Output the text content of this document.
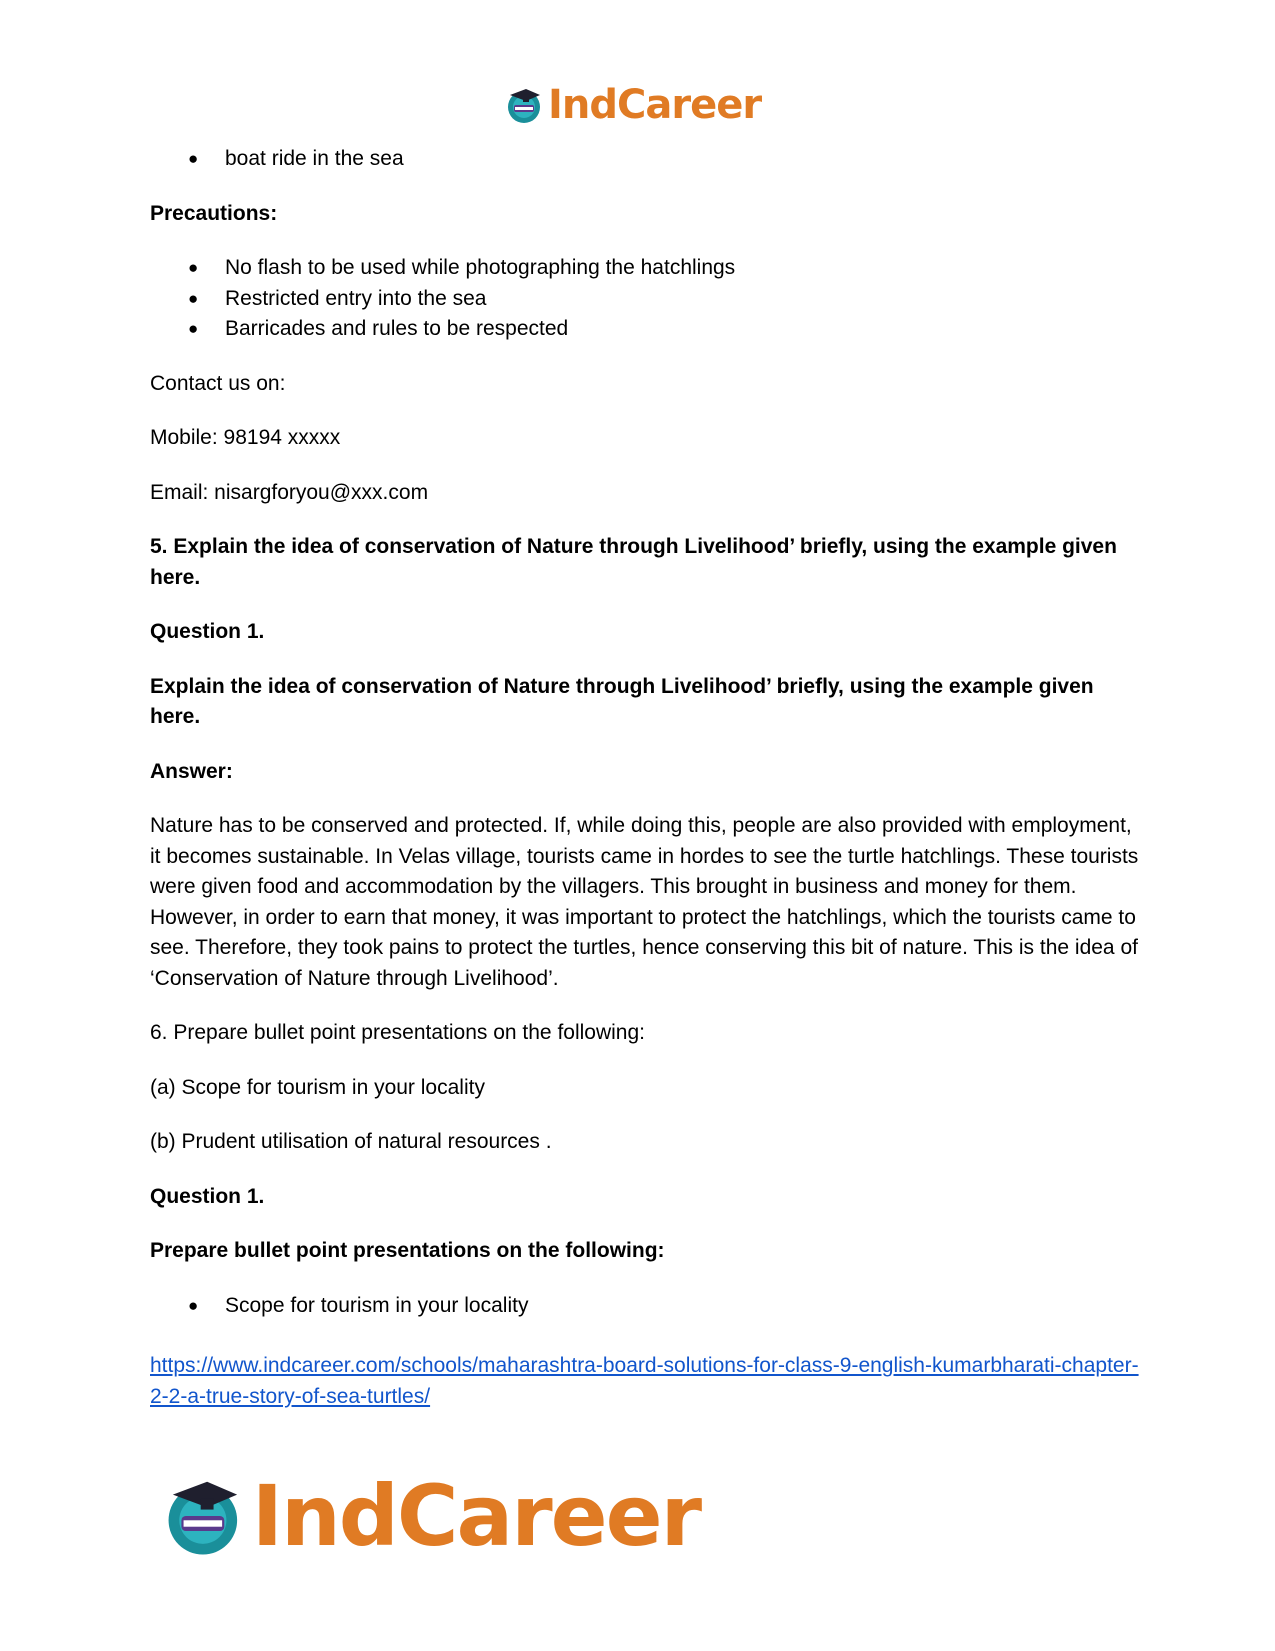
IndCareer
● boat ride in the sea

Precautions:

● No flash to be used while photographing the hatchlings
● Restricted entry into the sea
● Barricades and rules to be respected

Contact us on:

Mobile: 98194 xxxxx

Email: nisargforyou@xxx.com

5. Explain the idea of conservation of Nature through Livelihood’ briefly, using the example given here.

Question 1.

Explain the idea of conservation of Nature through Livelihood’ briefly, using the example given here.

Answer:

Nature has to be conserved and protected. If, while doing this, people are also provided with employment, it becomes sustainable. In Velas village, tourists came in hordes to see the turtle hatchlings. These tourists were given food and accommodation by the villagers. This brought in business and money for them. However, in order to earn that money, it was important to protect the hatchlings, which the tourists came to see. Therefore, they took pains to protect the turtles, hence conserving this bit of nature. This is the idea of ‘Conservation of Nature through Livelihood’.

6. Prepare bullet point presentations on the following:

(a) Scope for tourism in your locality

(b) Prudent utilisation of natural resources .

Question 1.

Prepare bullet point presentations on the following:

● Scope for tourism in your locality
https://www.indcareer.com/schools/maharashtra-board-solutions-for-class-9-english-kumarbharati-chapter-2-2-a-true-story-of-sea-turtles/
IndCareer
